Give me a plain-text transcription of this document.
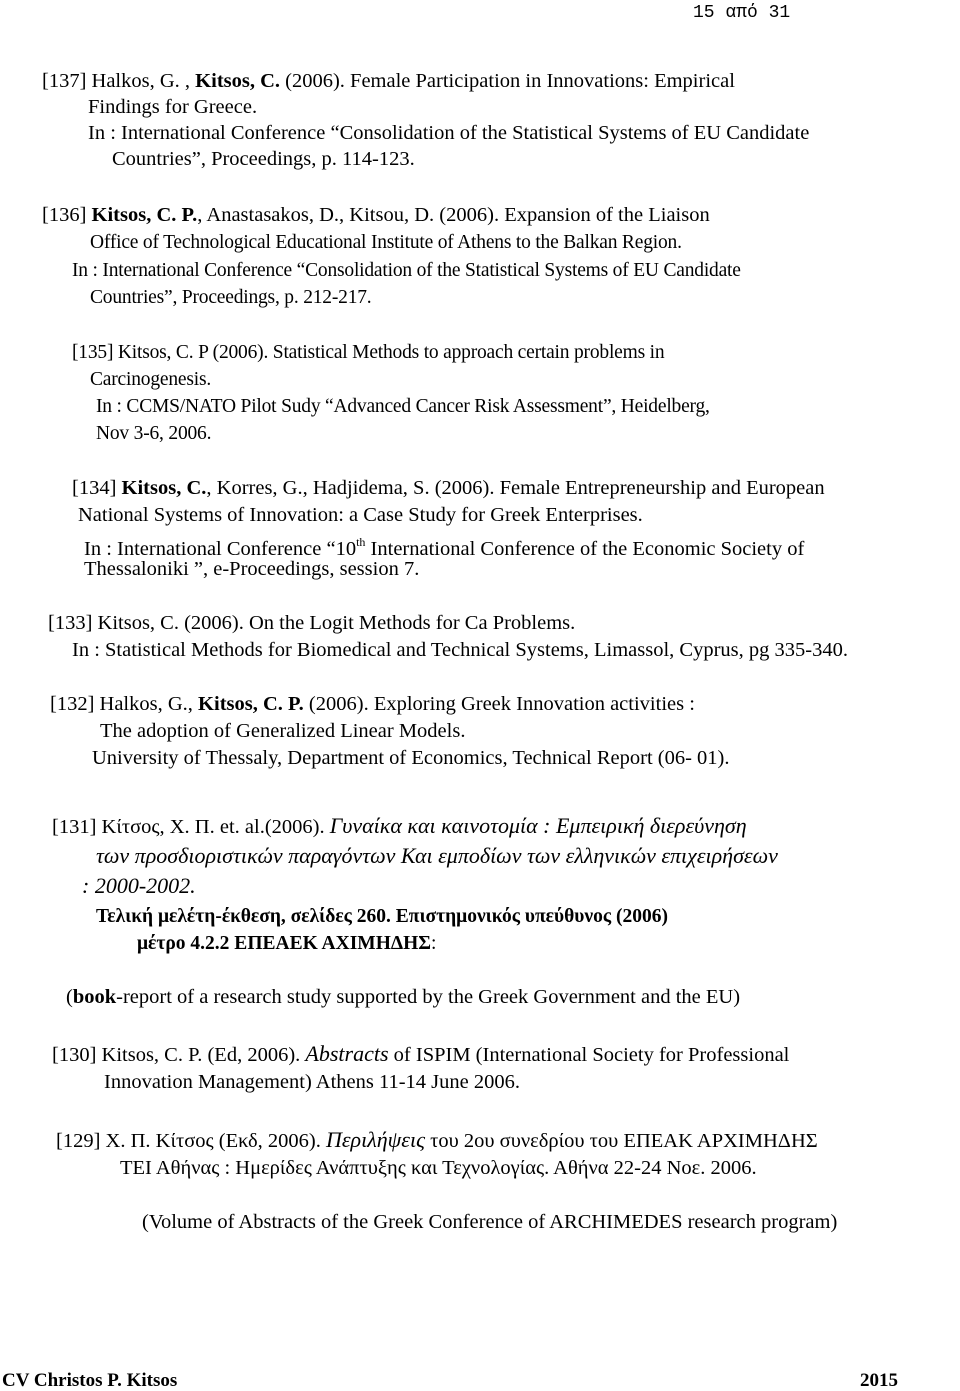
15 από 31
[137] Halkos, G. , Kitsos, C. (2006). Female Participation in Innovations: Empirical
Findings for Greece.
In : International Conference “Consolidation of the Statistical Systems of EU Candidate
Countries”, Proceedings, p. 114-123.
[136] Kitsos, C. P., Anastasakos, D., Kitsou, D. (2006). Expansion of the Liaison
Office of Technological Educational Institute of Athens to the Balkan Region.
In : International Conference “Consolidation of the Statistical Systems of EU Candidate
Countries”, Proceedings, p. 212-217.
[135] Kitsos, C. P (2006). Statistical Methods to approach certain problems in
Carcinogenesis.
In : CCMS/NATO Pilot Sudy “Advanced Cancer Risk Assessment”, Heidelberg,
Nov 3-6, 2006.
[134] Kitsos, C., Korres, G., Hadjidema, S. (2006). Female Entrepreneurship and European
National Systems of Innovation: a Case Study for Greek Enterprises.
In : International Conference “10th International Conference of the Economic Society of
Thessaloniki ”, e-Proceedings, session 7.
[133] Kitsos, C. (2006). On the Logit Methods for Ca Problems.
In : Statistical Methods for Biomedical and Technical Systems, Limassol, Cyprus, pg 335-340.
[132] Halkos, G., Kitsos, C. P. (2006). Exploring Greek Innovation activities :
The adoption of Generalized Linear Models.
University of Thessaly, Department of Economics, Technical Report (06- 01).
[131] Κίτσος, Χ. Π. et. al.(2006). Γυναίκα και καινοτομία : Εμπειρική διερεύνηση
των προσδιοριστικών παραγόντων Και εμποδίων των ελληνικών επιχειρήσεων
: 2000-2002.
Τελική μελέτη-έκθεση, σελίδες 260. Επιστημονικός υπεύθυνος (2006)
μέτρο 4.2.2 ΕΠΕΑΕΚ ΑΧΙΜΗΔΗΣ:
(book-report of a research study supported by the Greek Government and the EU)
[130] Kitsos, C. P. (Ed, 2006). Abstracts of ISPIM (International Society for Professional
Innovation Management) Athens 11-14 June 2006.
[129] Χ. Π. Κίτσος (Εκδ, 2006). Περιλήψεις του 2ου συνεδρίου του ΕΠΕΑΚ ΑΡΧΙΜΗΔΗΣ
ΤΕΙ Αθήνας : Ημερίδες Ανάπτυξης και Τεχνολογίας. Αθήνα 22-24 Νοε. 2006.
(Volume of Abstracts of the Greek Conference of ARCHIMEDES research program)
CV Christos P. Kitsos	2015
